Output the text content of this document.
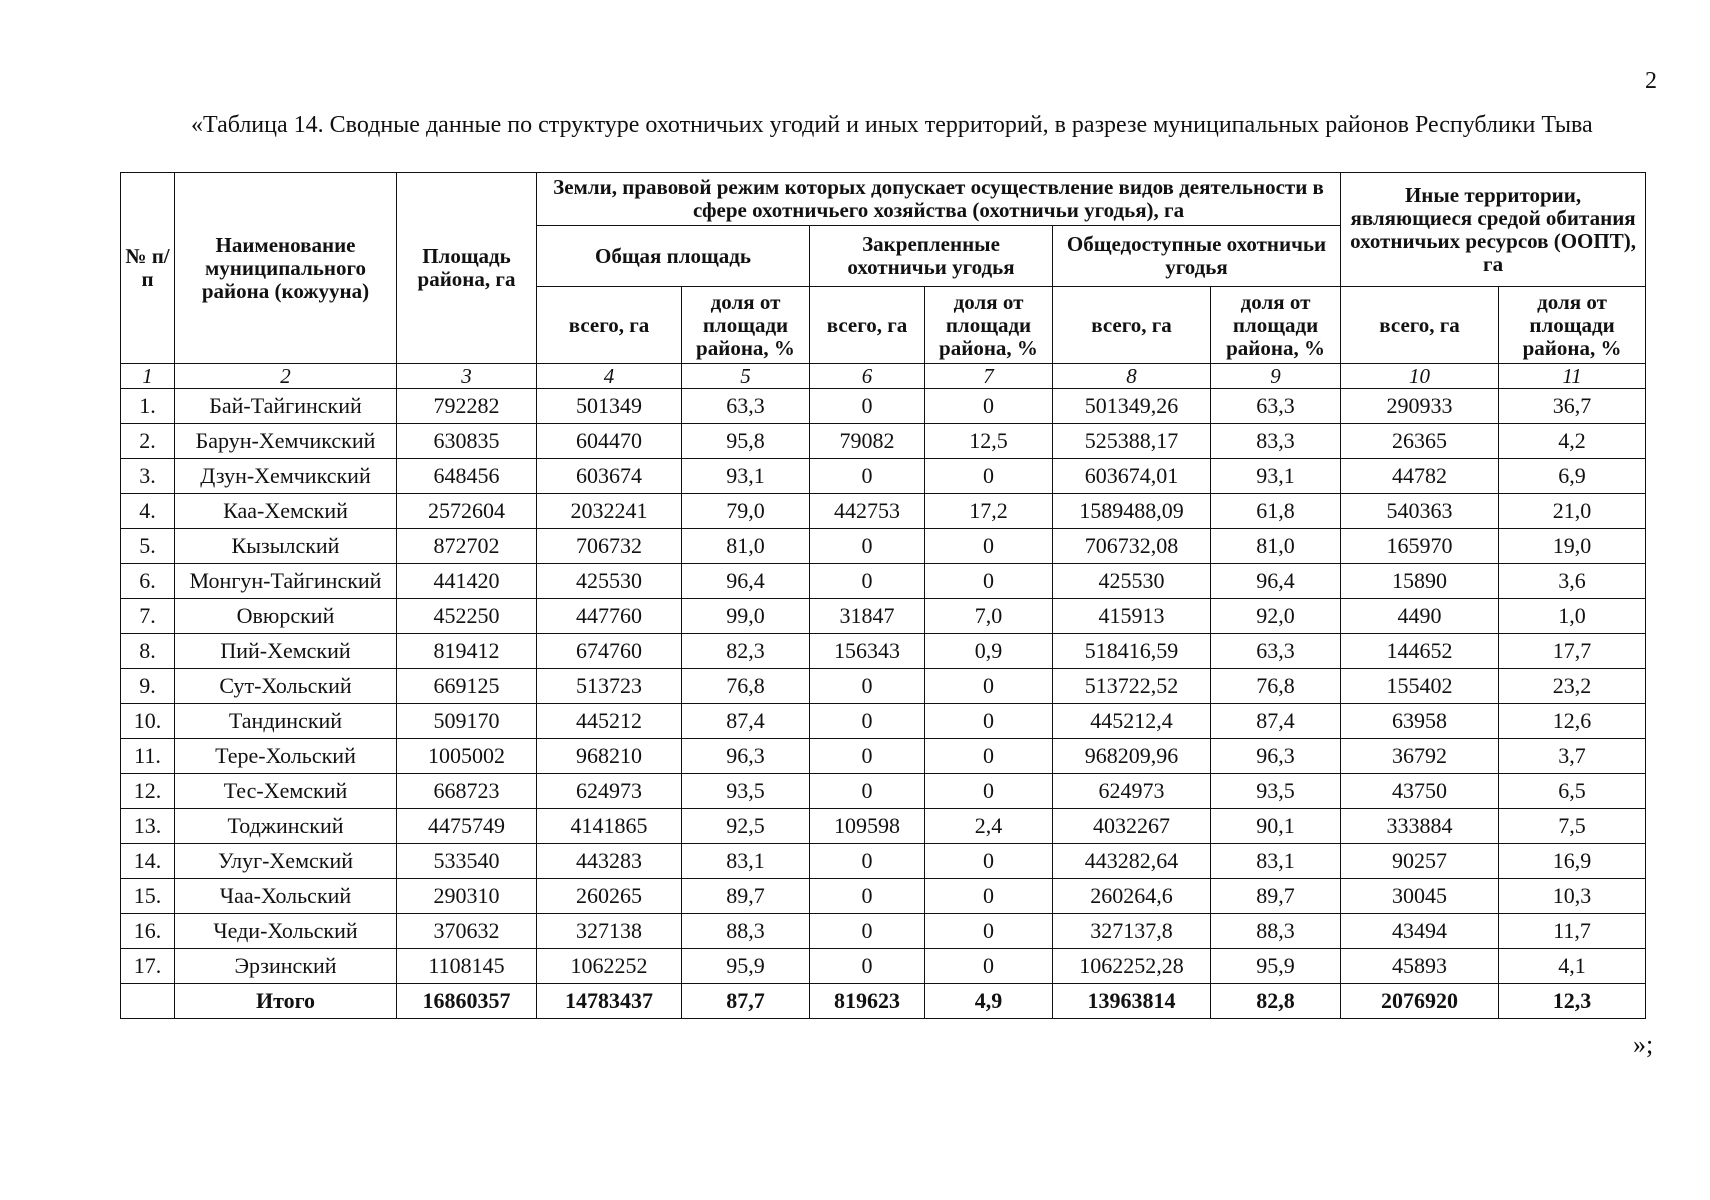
2
«Таблица 14. Сводные данные по структуре охотничьих угодий и иных территорий, в разрезе муниципальных районов Республики Тыва
№ п/п	Наименование муниципального района (кожууна)	Площадь района, га	Земли, правовой режим которых допускает осуществление видов деятельности в сфере охотничьего хозяйства (охотничьи угодья), га						Иные территории, являющиеся средой обитания охотничьих ресурсов (ООПТ), га	
			Общая площадь		Закрепленные охотничьи угодья		Общедоступные охотничьи угодья			
			всего, га	доля от площади района, %	всего, га	доля от площади района, %	всего, га	доля от площади района, %	всего, га	доля от площади района, %
1	2	3	4	5	6	7	8	9	10	11
1.	Бай-Тайгинский	792282	501349	63,3	0	0	501349,26	63,3	290933	36,7
2.	Барун-Хемчикский	630835	604470	95,8	79082	12,5	525388,17	83,3	26365	4,2
3.	Дзун-Хемчикский	648456	603674	93,1	0	0	603674,01	93,1	44782	6,9
4.	Каа-Хемский	2572604	2032241	79,0	442753	17,2	1589488,09	61,8	540363	21,0
5.	Кызылский	872702	706732	81,0	0	0	706732,08	81,0	165970	19,0
6.	Монгун-Тайгинский	441420	425530	96,4	0	0	425530	96,4	15890	3,6
7.	Овюрский	452250	447760	99,0	31847	7,0	415913	92,0	4490	1,0
8.	Пий-Хемский	819412	674760	82,3	156343	0,9	518416,59	63,3	144652	17,7
9.	Сут-Хольский	669125	513723	76,8	0	0	513722,52	76,8	155402	23,2
10.	Тандинский	509170	445212	87,4	0	0	445212,4	87,4	63958	12,6
11.	Тере-Хольский	1005002	968210	96,3	0	0	968209,96	96,3	36792	3,7
12.	Тес-Хемский	668723	624973	93,5	0	0	624973	93,5	43750	6,5
13.	Тоджинский	4475749	4141865	92,5	109598	2,4	4032267	90,1	333884	7,5
14.	Улуг-Хемский	533540	443283	83,1	0	0	443282,64	83,1	90257	16,9
15.	Чаа-Хольский	290310	260265	89,7	0	0	260264,6	89,7	30045	10,3
16.	Чеди-Хольский	370632	327138	88,3	0	0	327137,8	88,3	43494	11,7
17.	Эрзинский	1108145	1062252	95,9	0	0	1062252,28	95,9	45893	4,1
	Итого	16860357	14783437	87,7	819623	4,9	13963814	82,8	2076920	12,3
»;
